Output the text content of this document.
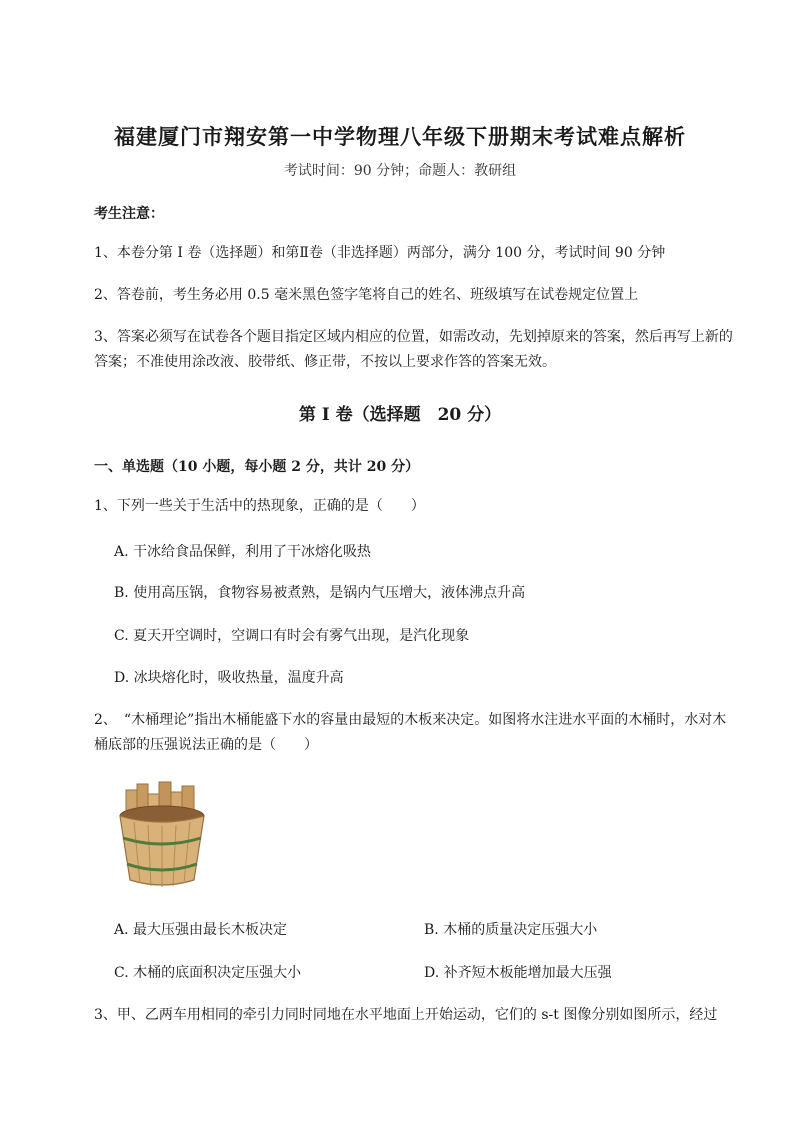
福建厦门市翔安第一中学物理八年级下册期末考试难点解析
考试时间：90 分钟；命题人：教研组
考生注意：
1、本卷分第 I 卷（选择题）和第Ⅱ卷（非选择题）两部分，满分 100 分，考试时间 90 分钟
2、答卷前，考生务必用 0.5 毫米黑色签字笔将自己的姓名、班级填写在试卷规定位置上
3、答案必须写在试卷各个题目指定区域内相应的位置，如需改动，先划掉原来的答案，然后再写上新的答案；不准使用涂改液、胶带纸、修正带，不按以上要求作答的答案无效。
第 I 卷（选择题　20 分）
一、单选题（10 小题，每小题 2 分，共计 20 分）
1、下列一些关于生活中的热现象，正确的是（　　）
A. 干冰给食品保鲜，利用了干冰熔化吸热
B. 使用高压锅，食物容易被煮熟，是锅内气压增大，液体沸点升高
C. 夏天开空调时，空调口有时会有雾气出现，是汽化现象
D. 冰块熔化时，吸收热量，温度升高
2、　“木桶理论”指出木桶能盛下水的容量由最短的木板来决定。如图将水注进水平面的木桶时，水对木桶底部的压强说法正确的是（　　）
A. 最大压强由最长木板决定	B. 木桶的质量决定压强大小
C. 木桶的底面积决定压强大小	D. 补齐短木板能增加最大压强
3、甲、乙两车用相同的牵引力同时同地在水平地面上开始运动，它们的 s-t 图像分别如图所示，经过
